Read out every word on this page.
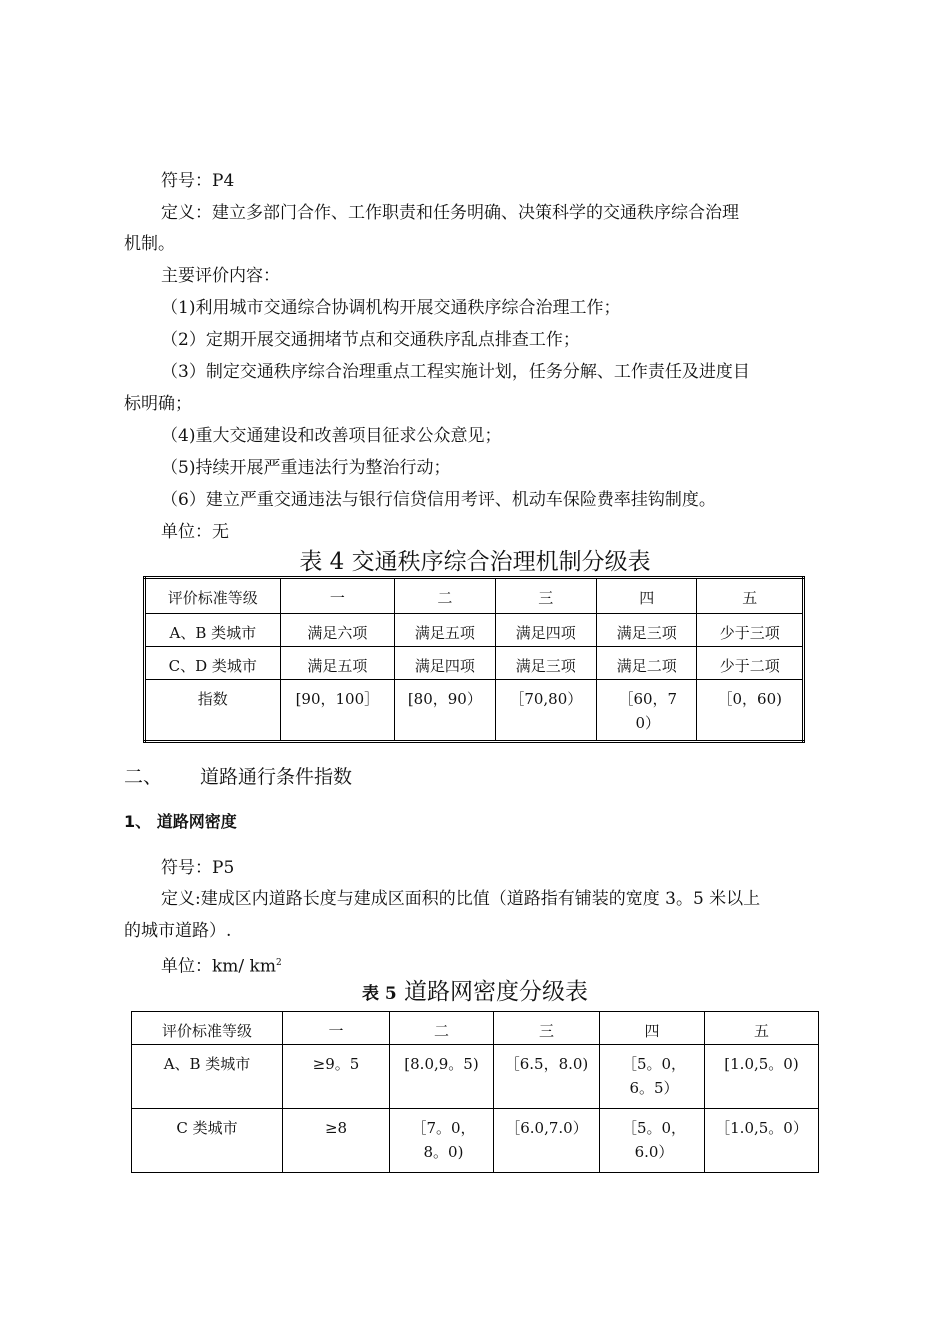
符号：P4
定义：建立多部门合作、工作职责和任务明确、决策科学的交通秩序综合治理
机制。
主要评价内容：
（1)利用城市交通综合协调机构开展交通秩序综合治理工作；
（2）定期开展交通拥堵节点和交通秩序乱点排查工作；
（3）制定交通秩序综合治理重点工程实施计划，任务分解、工作责任及进度目
标明确；
（4)重大交通建设和改善项目征求公众意见；
（5)持续开展严重违法行为整治行动；
（6）建立严重交通违法与银行信贷信用考评、机动车保险费率挂钩制度。
单位：无
表 4 交通秩序综合治理机制分级表
评价标准等级	一	二	三	四	五
A、B 类城市	满足六项	满足五项	满足四项	满足三项	少于三项
C、D 类城市	满足五项	满足四项	满足三项	满足二项	少于二项
指数	[90，100］	[80，90）	［70,80）	［60，70）	［0，60)
二、 道路通行条件指数
1、 道路网密度
符号：P5
定义:建成区内道路长度与建成区面积的比值（道路指有铺装的宽度 3。5 米以上
的城市道路）.
单位：km/ $km^2$
表 5 道路网密度分级表
评价标准等级	一	二	三	四	五
A、B 类城市	≥9。5	[8.0,9。5)	［6.5，8.0)	［5。0，6。5）	[1.0,5。0)
C 类城市	≥8	［7。0，8。0)	［6.0,7.0）	［5。0，6.0）	［1.0,5。0）
